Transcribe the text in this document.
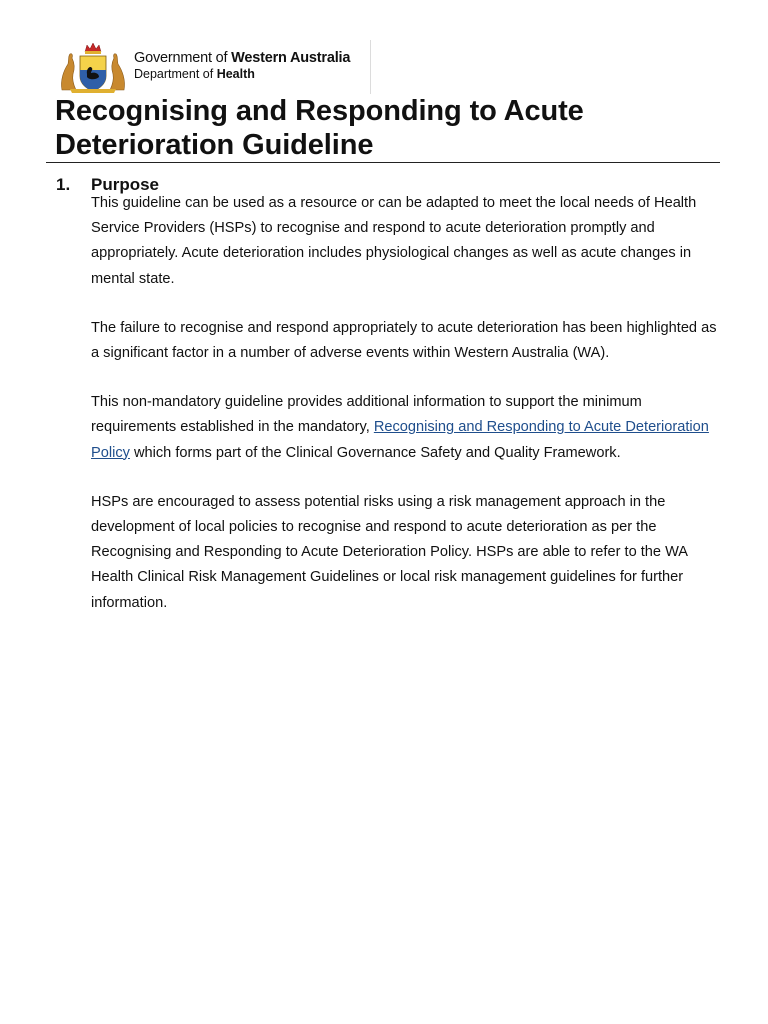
Government of Western Australia
Department of Health
Recognising and Responding to Acute Deterioration Guideline
1. Purpose

This guideline can be used as a resource or can be adapted to meet the local needs of Health Service Providers (HSPs) to recognise and respond to acute deterioration promptly and appropriately. Acute deterioration includes physiological changes as well as acute changes in mental state.

The failure to recognise and respond appropriately to acute deterioration has been highlighted as a significant factor in a number of adverse events within Western Australia (WA).

This non-mandatory guideline provides additional information to support the minimum requirements established in the mandatory, Recognising and Responding to Acute Deterioration Policy which forms part of the Clinical Governance Safety and Quality Framework.

HSPs are encouraged to assess potential risks using a risk management approach in the development of local policies to recognise and respond to acute deterioration as per the Recognising and Responding to Acute Deterioration Policy. HSPs are able to refer to the WA Health Clinical Risk Management Guidelines or local risk management guidelines for further information.
